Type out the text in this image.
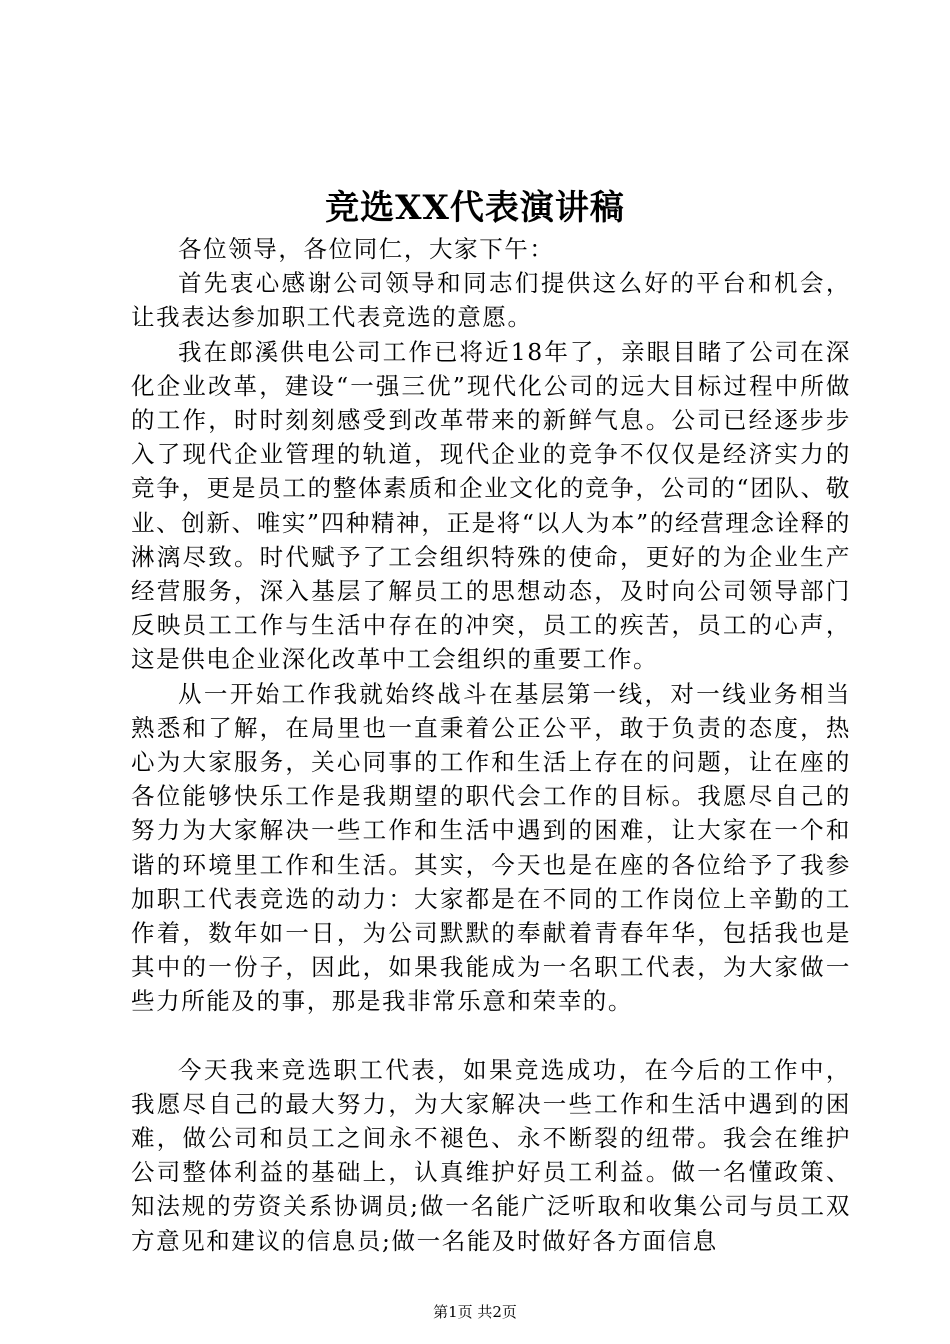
竞选XX代表演讲稿

各位领导，各位同仁，大家下午：

首先衷心感谢公司领导和同志们提供这么好的平台和机会，让我表达参加职工代表竞选的意愿。

我在郎溪供电公司工作已将近18年了，亲眼目睹了公司在深化企业改革，建设“一强三优”现代化公司的远大目标过程中所做的工作，时时刻刻感受到改革带来的新鲜气息。公司已经逐步步入了现代企业管理的轨道，现代企业的竞争不仅仅是经济实力的竞争，更是员工的整体素质和企业文化的竞争，公司的“团队、敬业、创新、唯实”四种精神，正是将“以人为本”的经营理念诠释的淋漓尽致。时代赋予了工会组织特殊的使命，更好的为企业生产经营服务，深入基层了解员工的思想动态，及时向公司领导部门反映员工工作与生活中存在的冲突，员工的疾苦，员工的心声，这是供电企业深化改革中工会组织的重要工作。

从一开始工作我就始终战斗在基层第一线，对一线业务相当熟悉和了解，在局里也一直秉着公正公平，敢于负责的态度，热心为大家服务，关心同事的工作和生活上存在的问题，让在座的各位能够快乐工作是我期望的职代会工作的目标。我愿尽自己的努力为大家解决一些工作和生活中遇到的困难，让大家在一个和谐的环境里工作和生活。其实，今天也是在座的各位给予了我参加职工代表竞选的动力：大家都是在不同的工作岗位上辛勤的工作着，数年如一日，为公司默默的奉献着青春年华，包括我也是其中的一份子，因此，如果我能成为一名职工代表，为大家做一些力所能及的事，那是我非常乐意和荣幸的。

今天我来竞选职工代表，如果竞选成功，在今后的工作中，我愿尽自己的最大努力，为大家解决一些工作和生活中遇到的困难，做公司和员工之间永不褪色、永不断裂的纽带。我会在维护公司整体利益的基础上，认真维护好员工利益。做一名懂政策、知法规的劳资关系协调员;做一名能广泛听取和收集公司与员工双方意见和建议的信息员;做一名能及时做好各方面信息

第1页 共2页
